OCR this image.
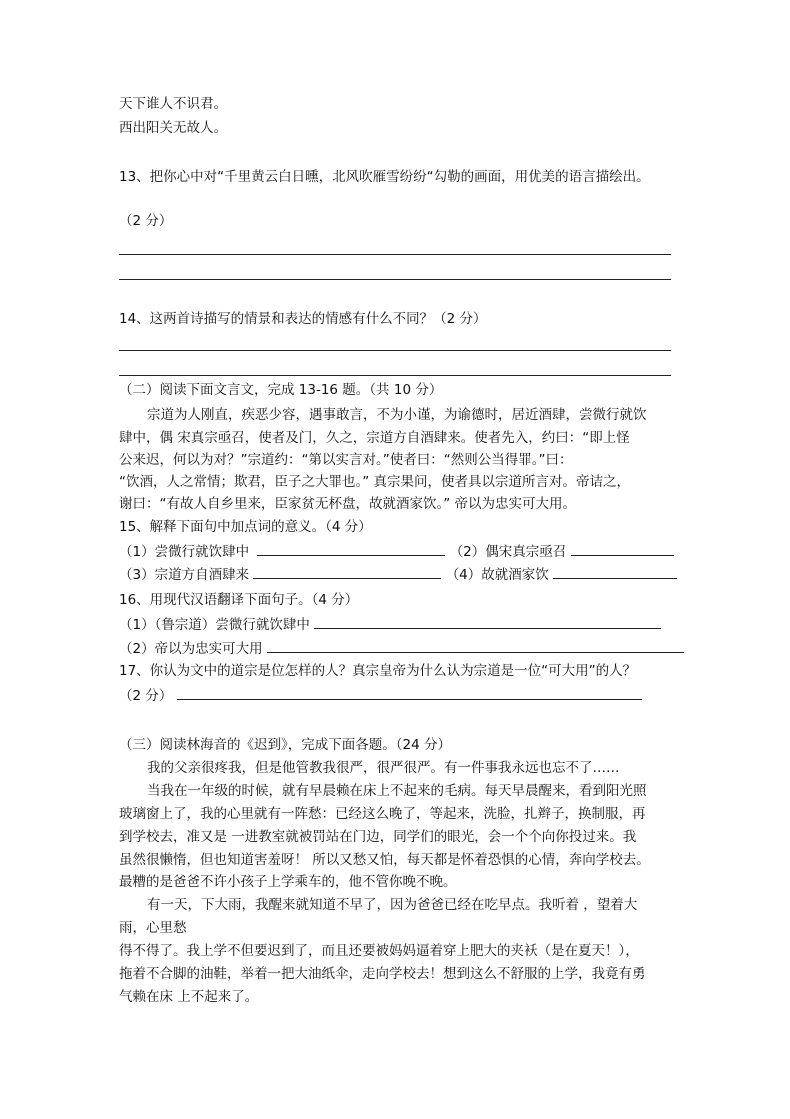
天下谁人不识君。
西出阳关无故人。
13、把你心中对“千里黄云白日曛，北风吹雁雪纷纷“勾勒的画面，用优美的语言描绘出。
（2 分）
14、这两首诗描写的情景和表达的情感有什么不同？（2 分）
（二）阅读下面文言文，完成 13-16 题。（共 10 分）
宗道为人刚直，疾恶少容，遇事敢言，不为小谨，为谕德时，居近酒肆，尝微行就饮
肆中，偶 宋真宗亟召，使者及门，久之，宗道方自酒肆来。使者先入，约曰：“即上怪
公来迟，何以为对？”宗道约：“第以实言对。”使者曰：“然则公当得罪。”曰：
“饮酒，人之常情；欺君，臣子之大罪也。” 真宗果问，使者具以宗道所言对。帝诘之，
谢曰：“有故人自乡里来，臣家贫无杯盘，故就酒家饮。” 帝以为忠实可大用。
15、解释下面句中加点词的意义。（4 分）
（1）尝微行就饮肆中	（2）偶宋真宗亟召
（3）宗道方自酒肆来	（4）故就酒家饮
16、用现代汉语翻译下面句子。（4 分）
（1）（鲁宗道）尝微行就饮肆中
（2）帝以为忠实可大用
17、你认为文中的道宗是位怎样的人？真宗皇帝为什么认为宗道是一位“可大用”的人？
（2 分）
（三）阅读林海音的《迟到》，完成下面各题。（24 分）
我的父亲很疼我，但是他管教我很严，很严很严。有一件事我永远也忘不了……
当我在一年级的时候，就有早晨赖在床上不起来的毛病。每天早晨醒来，看到阳光照
玻璃窗上了，我的心里就有一阵愁：已经这么晚了，等起来，洗脸，扎辫子，换制服，再
到学校去，准又是 一进教室就被罚站在门边，同学们的眼光，会一个个向你投过来。我
虽然很懒惰，但也知道害羞呀！ 所以又愁又怕，每天都是怀着恐惧的心情，奔向学校去。
最糟的是爸爸不许小孩子上学乘车的，他不管你晚不晚。
有一天，下大雨，我醒来就知道不早了，因为爸爸已经在吃早点。我听着 ，望着大
雨，心里愁
得不得了。我上学不但要迟到了，而且还要被妈妈逼着穿上肥大的夹袄（是在夏天！），
拖着不合脚的油鞋，举着一把大油纸伞，走向学校去！想到这么不舒服的上学，我竟有勇
气赖在床 上不起来了。
